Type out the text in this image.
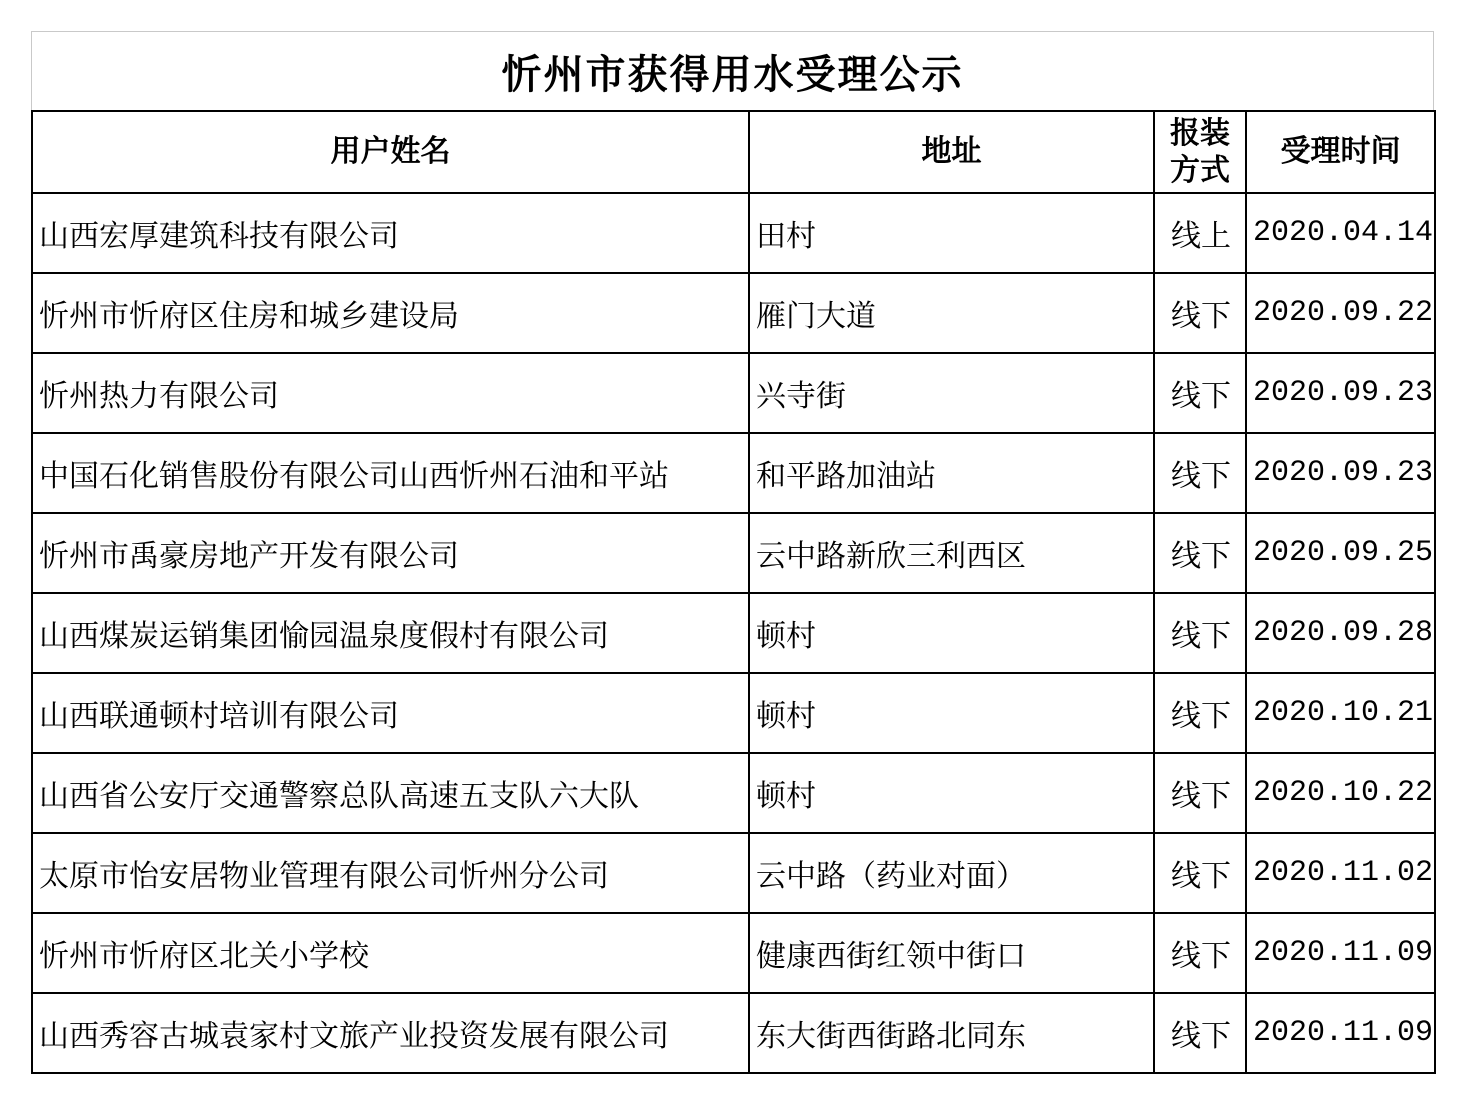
忻州市获得用水受理公示
用户姓名	地址	报装方式	受理时间
山西宏厚建筑科技有限公司	田村	线上	2020.04.14
忻州市忻府区住房和城乡建设局	雁门大道	线下	2020.09.22
忻州热力有限公司	兴寺街	线下	2020.09.23
中国石化销售股份有限公司山西忻州石油和平站	和平路加油站	线下	2020.09.23
忻州市禹豪房地产开发有限公司	云中路新欣三利西区	线下	2020.09.25
山西煤炭运销集团愉园温泉度假村有限公司	顿村	线下	2020.09.28
山西联通顿村培训有限公司	顿村	线下	2020.10.21
山西省公安厅交通警察总队高速五支队六大队	顿村	线下	2020.10.22
太原市怡安居物业管理有限公司忻州分公司	云中路（药业对面）	线下	2020.11.02
忻州市忻府区北关小学校	健康西街红领中街口	线下	2020.11.09
山西秀容古城袁家村文旅产业投资发展有限公司	东大街西街路北同东	线下	2020.11.09
